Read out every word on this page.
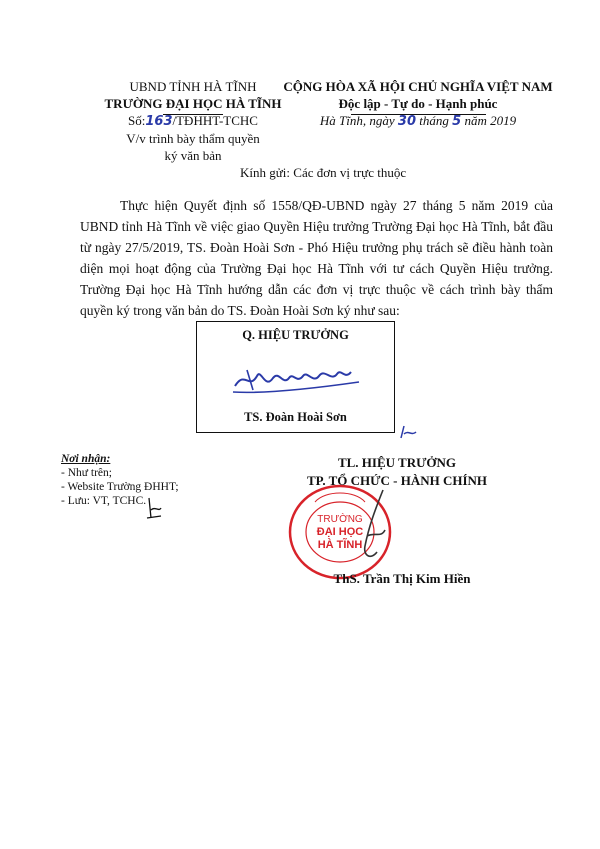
UBND TỈNH HÀ TĨNH
TRƯỜNG ĐẠI HỌC HÀ TĨNH
Số:163/TĐHHT-TCHC
V/v trình bày thẩm quyền
ký văn bản
CỘNG HÒA XÃ HỘI CHỦ NGHĨA VIỆT NAM
Độc lập - Tự do - Hạnh phúc
Hà Tĩnh, ngày 30 tháng 5 năm 2019
Kính gửi: Các đơn vị trực thuộc
Thực hiện Quyết định số 1558/QĐ-UBND ngày 27 tháng 5 năm 2019 của UBND tỉnh Hà Tĩnh về việc giao Quyền Hiệu trưởng Trường Đại học Hà Tĩnh, bắt đầu từ ngày 27/5/2019, TS. Đoàn Hoài Sơn - Phó Hiệu trưởng phụ trách sẽ điều hành toàn diện mọi hoạt động của Trường Đại học Hà Tĩnh với tư cách Quyền Hiệu trưởng. Trường Đại học Hà Tĩnh hướng dẫn các đơn vị trực thuộc về cách trình bày thẩm quyền ký trong văn bản do TS. Đoàn Hoài Sơn ký như sau:
Q. HIỆU TRƯỞNG
TS. Đoàn Hoài Sơn
Nơi nhận:
- Như trên;
- Website Trường ĐHHT;
- Lưu: VT, TCHC.
TL. HIỆU TRƯỞNG
TP. TỔ CHỨC - HÀNH CHÍNH
TRƯỜNG
ĐẠI HỌC
HÀ TĨNH
ThS. Trần Thị Kim Hiền
